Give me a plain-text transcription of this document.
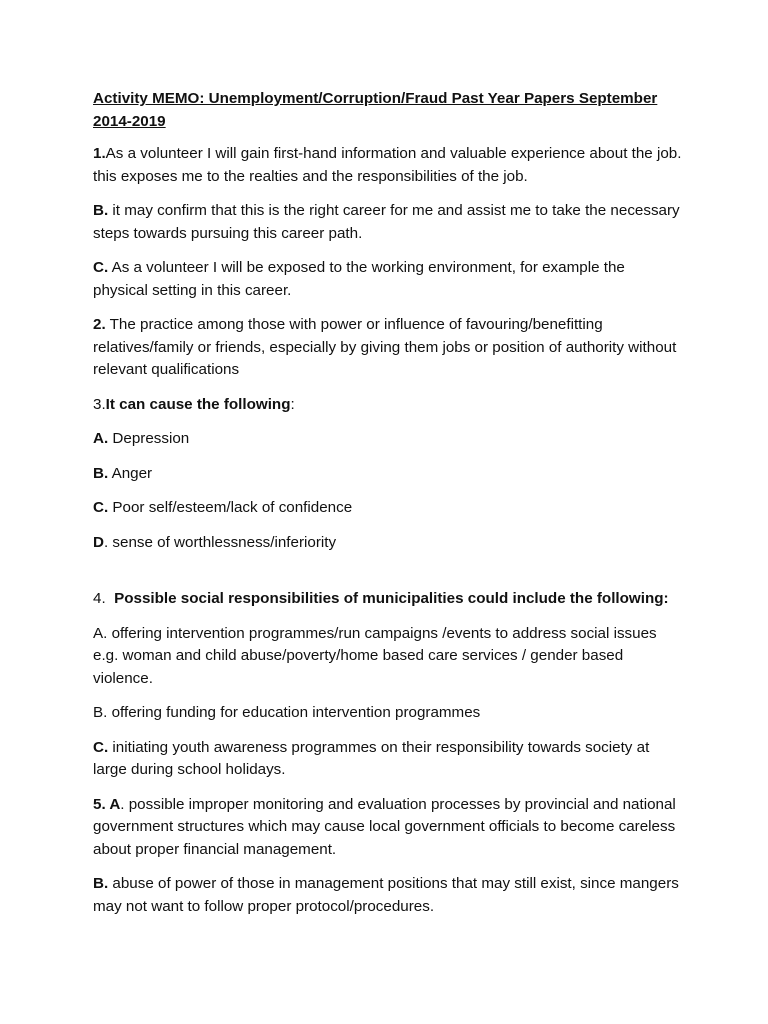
Activity MEMO: Unemployment/Corruption/Fraud Past Year Papers September 2014-2019

1.As a volunteer I will gain first-hand information and valuable experience about the job. this exposes me to the realties and the responsibilities of the job.

B. it may confirm that this is the right career for me and assist me to take the necessary steps towards pursuing this career path.

C. As a volunteer I will be exposed to the working environment, for example the physical setting in this career.

2. The practice among those with power or influence of favouring/benefitting relatives/family or friends, especially by giving them jobs or position of authority without relevant qualifications

3.It can cause the following:

A. Depression

B. Anger

C. Poor self/esteem/lack of confidence

D. sense of worthlessness/inferiority

4.  Possible social responsibilities of municipalities could include the following:

A. offering intervention programmes/run campaigns /events to address social issues e.g. woman and child abuse/poverty/home based care services / gender based violence.

B. offering funding for education intervention programmes

C. initiating youth awareness programmes on their responsibility towards society at large during school holidays.

5. A. possible improper monitoring and evaluation processes by provincial and national government structures which may cause local government officials to become careless about proper financial management.

B. abuse of power of those in management positions that may still exist, since mangers may not want to follow proper protocol/procedures.
